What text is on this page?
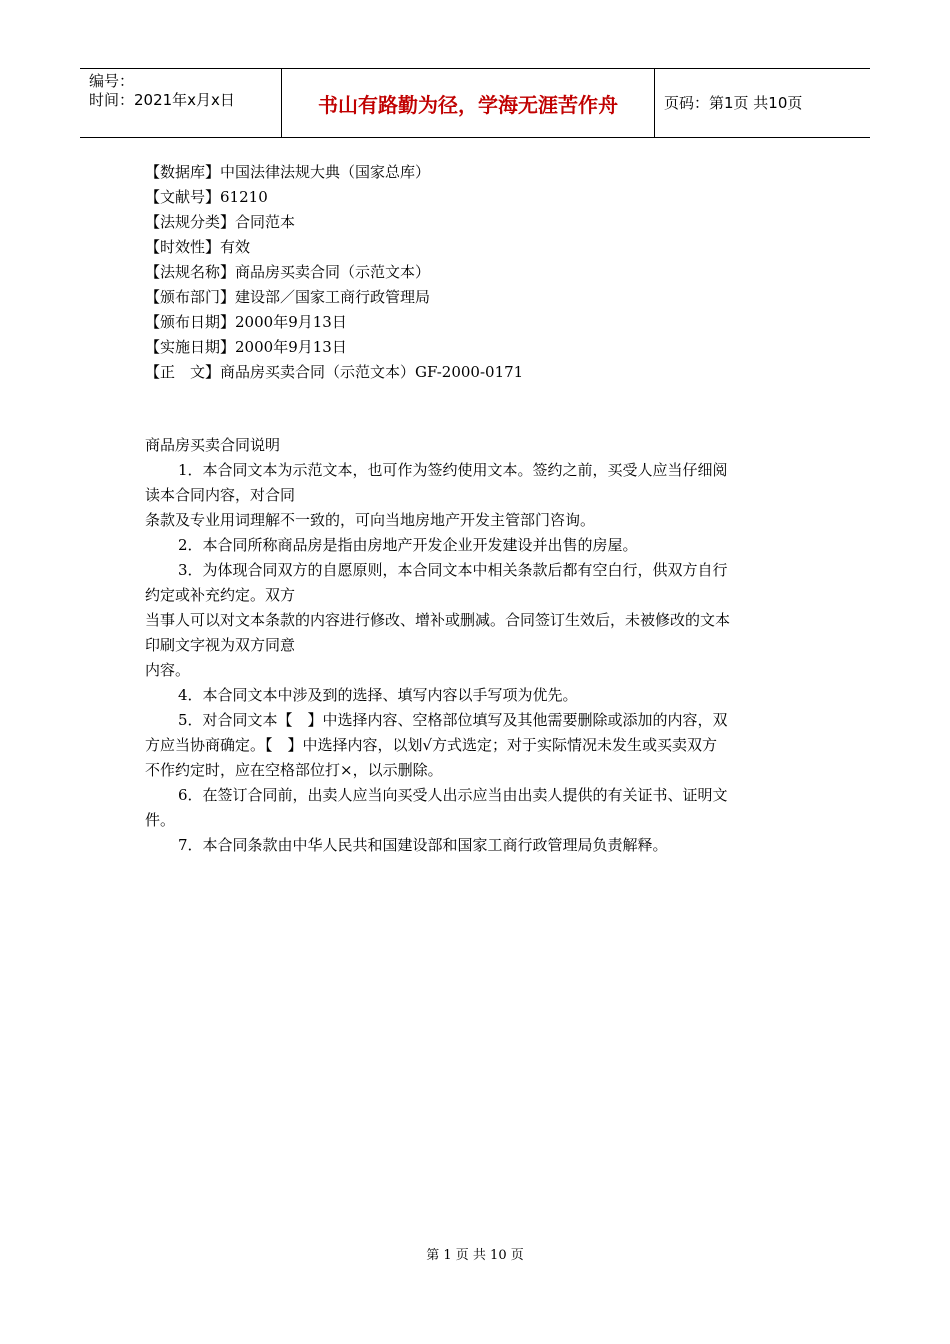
编号：
时间：2021年x月x日	书山有路勤为径，学海无涯苦作舟	页码：第1页 共10页
【数据库】中国法律法规大典（国家总库）
【文献号】61210
【法规分类】合同范本
【时效性】有效
【法规名称】商品房买卖合同（示范文本）
【颁布部门】建设部／国家工商行政管理局
【颁布日期】2000年9月13日
【实施日期】2000年9月13日
【正　文】商品房买卖合同（示范文本）GF-2000-0171
商品房买卖合同说明
1．本合同文本为示范文本，也可作为签约使用文本。签约之前，买受人应当仔细阅
读本合同内容，对合同
条款及专业用词理解不一致的，可向当地房地产开发主管部门咨询。
2．本合同所称商品房是指由房地产开发企业开发建设并出售的房屋。
3．为体现合同双方的自愿原则，本合同文本中相关条款后都有空白行，供双方自行
约定或补充约定。双方
当事人可以对文本条款的内容进行修改、增补或删减。合同签订生效后，未被修改的文本
印刷文字视为双方同意
内容。
4．本合同文本中涉及到的选择、填写内容以手写项为优先。
5．对合同文本【　】中选择内容、空格部位填写及其他需要删除或添加的内容，双
方应当协商确定。【　】中选择内容，以划√方式选定；对于实际情况未发生或买卖双方
不作约定时，应在空格部位打×，以示删除。
6．在签订合同前，出卖人应当向买受人出示应当由出卖人提供的有关证书、证明文
件。
7．本合同条款由中华人民共和国建设部和国家工商行政管理局负责解释。
第 1 页 共 10 页
